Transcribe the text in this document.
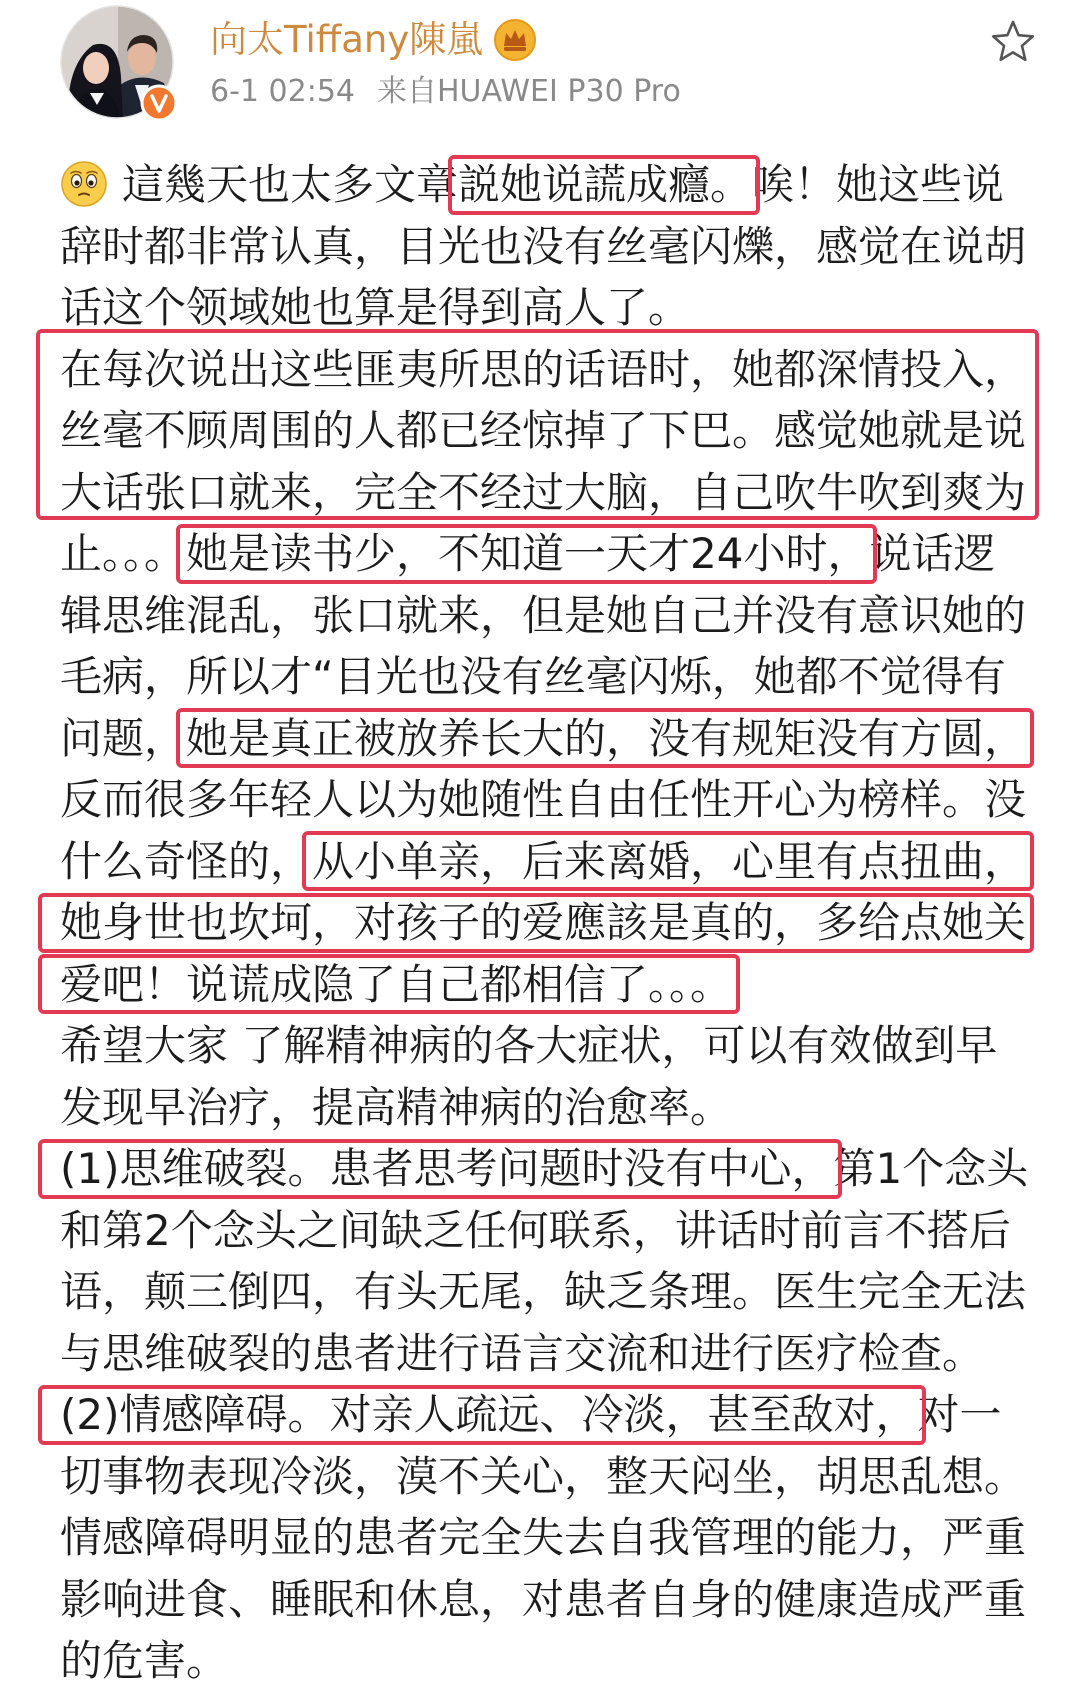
向太Tiffany陳嵐
6-1 02:54 来自HUAWEI P30 Pro
這幾天也太多文章説她说謊成癮。
唉！她这些说
辞时都非常认真，目光也没有丝毫闪爍，感觉在说胡
话这个领域她也算是得到高人了。
在每次说出这些匪夷所思的话语时，她都深情投入，
丝毫不顾周围的人都已经惊掉了下巴。感觉她就是说
大话张口就来，完全不经过大脑，自己吹牛吹到爽为
止。。。她是读书少，不知道一天才24小时，
说话逻
辑思维混乱，张口就来，但是她自己并没有意识她的
毛病，所以才“目光也没有丝毫闪烁，她都不觉得有
问题，她是真正被放养长大的，没有规矩没有方圆，
反而很多年轻人以为她随性自由任性开心为榜样。没
什么奇怪的，从小单亲，后来离婚，心里有点扭曲，
她身世也坎坷，对孩子的爱應該是真的，多给点她关
爱吧！说谎成隐了自己都相信了。。。
希望大家 了解精神病的各大症状，可以有效做到早
发现早治疗，提高精神病的治愈率。
(1)思维破裂。患者思考问题时没有中心，
第1个念头
和第2个念头之间缺乏任何联系，讲话时前言不搭后
语，颠三倒四，有头无尾，缺乏条理。医生完全无法
与思维破裂的患者进行语言交流和进行医疗检查。
(2)情感障碍。对亲人疏远、冷淡，甚至敌对，
对一
切事物表现冷淡，漠不关心，整天闷坐，胡思乱想。
情感障碍明显的患者完全失去自我管理的能力，严重
影响进食、睡眠和休息，对患者自身的健康造成严重
的危害。
